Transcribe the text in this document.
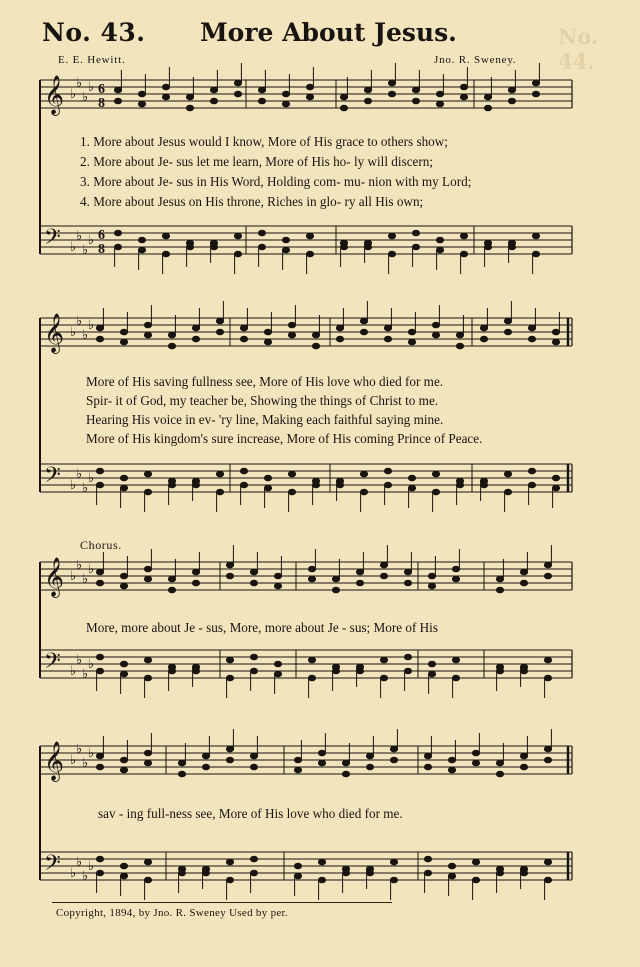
No. 43. More About Jesus.	No. 44.
E. E. Hewitt.	Jno. R. Sweney.
𝄞 ♭
♭
♭
♭ 6
8
𝄢 ♭
♭
♭
♭ 6
8
𝄞 ♭
♭
♭
♭
𝄢 ♭
♭
♭
♭
𝄞 ♭
♭
♭
♭
𝄢 ♭
♭
♭
♭
𝄞 ♭
♭
♭
♭
𝄢 ♭
♭
♭
♭
1. More about Jesus would I know, More of His grace to others show;
2. More about Je- sus let me learn, More of His ho- ly will discern;
3. More about Je- sus in His Word, Holding com- mu- nion with my Lord;
4. More about Jesus on His throne, Riches in glo- ry all His own;
More of His saving fullness see, More of His love who died for me.
Spir- it of God, my teacher be, Showing the things of Christ to me.
Hearing His voice in ev- 'ry line, Making each faithful saying mine.
More of His kingdom's sure increase, More of His coming Prince of Peace.
Chorus.
More, more about Je - sus, More, more about Je - sus; More of His
sav - ing full-ness see, More of His love who died for me.
Copyright, 1894, by Jno. R. Sweney Used by per.
